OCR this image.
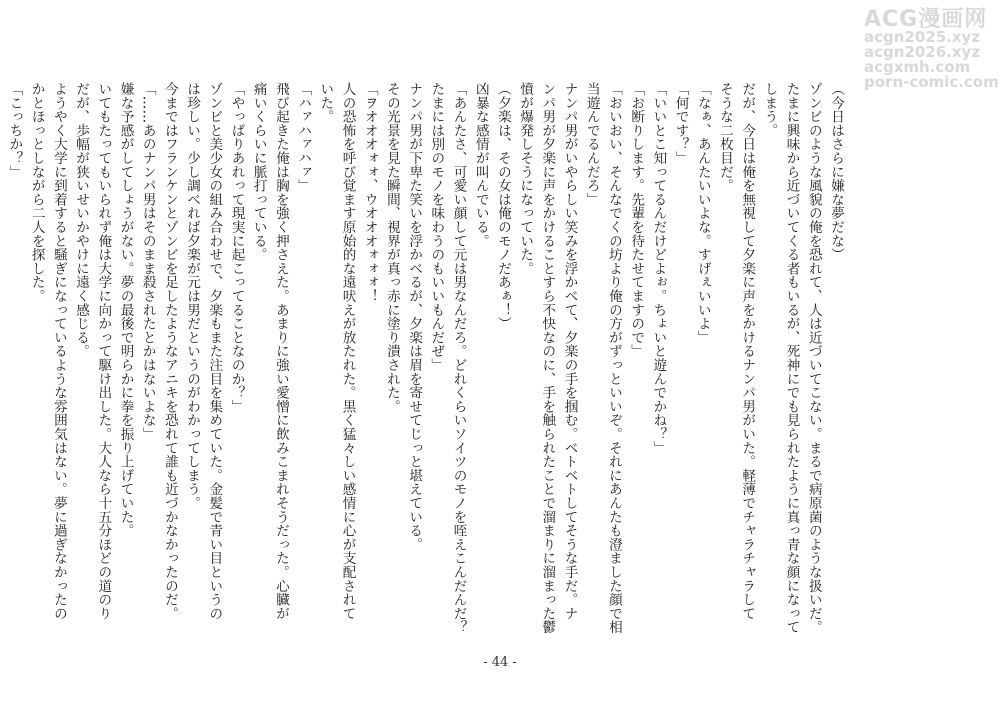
ACG漫画网
acgn2025.xyz
acgn2026.xyz
acgxmh.com
porn-comic.com

（今日はさらに嫌な夢だな）

ゾンビのような風貌の俺を恐れて、人は近づいてこない。まるで病原菌のような扱いだ。

たまに興味から近づいてくる者もいるが、死神にでも見られたように真っ青な顔になって

しまう。

だが、今日は俺を無視して夕楽に声をかけるナンパ男がいた。軽薄でチャラチャラして

そうな二枚目だ。

「なぁ、あんたいいよな。すげぇいいよ」

「何です？」

「いいとこ知ってるんだけどよぉ。ちょいと遊んでかね？」

「お断りします。先輩を待たせてますので」

「おいおい、そんなでくの坊より俺の方がずっといいぞ。それにあんたも澄ました顔で相

当遊んでるんだろ」

ナンパ男がいやらしい笑みを浮かべて、夕楽の手を掴む。ベトベトしてそうな手だ。ナ

ンパ男が夕楽に声をかけることすら不快なのに、手を触られたことで溜まりに溜まった鬱

憤が爆発しそうになっていた。

（夕楽は、その女は俺のモノだあぁ！）

凶暴な感情が叫んでいる。

「あんたさ、可愛い顔して元は男なんだろ。どれくらいソイツのモノを咥えこんだんだ？

たまには別のモノを味わうのもいいもんだぜ」

ナンパ男が下卑た笑いを浮かべるが、夕楽は眉を寄せてじっと堪えている。

その光景を見た瞬間、視界が真っ赤に塗り潰された。

「ヲオオオォォ、ウオオオォォォ！

人の恐怖を呼び覚ます原始的な遠吠えが放たれた。黒く猛々しい感情に心が支配されて

いた。

「ハァハァハァ」

飛び起きた俺は胸を強く押さえた。あまりに強い愛憎に飲みこまれそうだった。心臓が

痛いくらいに脈打っている。

「やっぱりあれって現実に起こってることなのか？」

ゾンビと美少女の組み合わせで、夕楽もまた注目を集めていた。金髪で青い目というの

は珍しい。少し調べれば夕楽が元は男だというのがわかってしまう。

今まではフランケンとゾンビを足したようなアニキを恐れて誰も近づかなかったのだ。

「……あのナンパ男はそのまま殺されたとかはないよな」

嫌な予感がしてしょうがない。夢の最後で明らかに拳を振り上げていた。

いてもたってもいられず俺は大学に向かって駆け出した。大人なら十五分ほどの道のり

だが、歩幅が狭いせいかやけに遠く感じる。

ようやく大学に到着すると騒ぎになっているような雰囲気はない。夢に過ぎなかったの

かとほっとしながら二人を探した。

「こっちか？」

- 44 -
